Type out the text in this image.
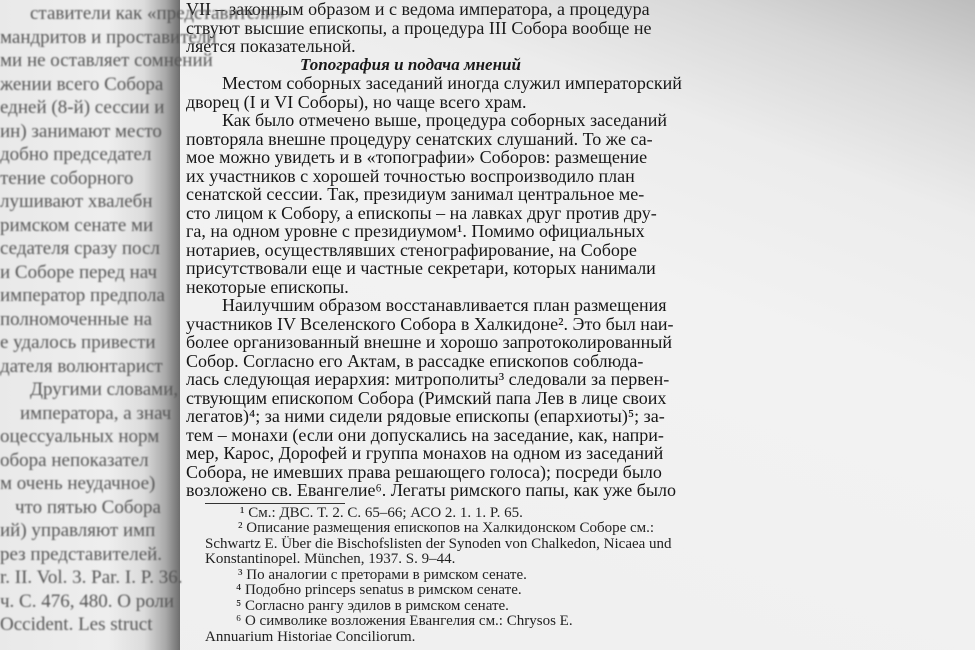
VII – законным образом и с ведома императора, а процедура
ствуют высшие епископы, а процедура III Собора вообще не
ляется показательной.
Топография и подача мнений
Местом соборных заседаний иногда служил императорский
дворец (I и VI Соборы), но чаще всего храм.
Как было отмечено выше, процедура соборных заседаний
повторяла внешне процедуру сенатских слушаний. То же са-
мое можно увидеть и в «топографии» Соборов: размещение
их участников с хорошей точностью воспроизводило план
сенатской сессии. Так, президиум занимал центральное ме-
сто лицом к Собору, а епископы – на лавках друг против дру-
га, на одном уровне с президиумом¹. Помимо официальных
нотариев, осуществлявших стенографирование, на Соборе
присутствовали еще и частные секретари, которых нанимали
некоторые епископы.
Наилучшим образом восстанавливается план размещения
участников IV Вселенского Собора в Халкидоне². Это был наи-
более организованный внешне и хорошо запротоколированный
Собор. Согласно его Актам, в рассадке епископов соблюда-
лась следующая иерархия: митрополиты³ следовали за первен-
ствующим епископом Собора (Римский папа Лев в лице своих
легатов)⁴; за ними сидели рядовые епископы (епархиоты)⁵; за-
тем – монахи (если они допускались на заседание, как, напри-
мер, Карос, Дорофей и группа монахов на одном из заседаний
Собора, не имевших права решающего голоса); посреди было
возложено св. Евангелие⁶. Легаты римского папы, как уже было
¹ См.: ДВС. Т. 2. С. 65–66; АСО 2. 1. 1. P. 65.
² Описание размещения епископов на Халкидонском Соборе см.:
Schwartz E. Über die Bischofslisten der Synoden von Chalkedon, Nicaea und
Konstantinopel. München, 1937. S. 9–44.
³ По аналогии с преторами в римском сенате.
⁴ Подобно princeps senatus в римском сенате.
⁵ Согласно рангу эдилов в римском сенате.
⁶ О символике возложения Евангелия см.: Chrysos E.
Annuarium Historiae Conciliorum.
ставители как «представители»
мандритов и проставители
ми не оставляет сомнений
жении всего Собора
едней (8-й) сессии и
ин) занимают место
добно председател
тение соборного
лушивают хвалебн
римском сенате ми
седателя сразу посл
и Соборе перед нач
император предпола
полномоченные на
е удалось привести
дателя волюнтарист
Другими словами,
императора, а знач
оцессуальных норм
обора непоказател
м очень неудачное)
что пятью Собора
ий) управляют имп
рез представителей.
r. II. Vol. 3. Par. I. P. 36.
ч. С. 476, 480. О роли
Occident. Les struct
